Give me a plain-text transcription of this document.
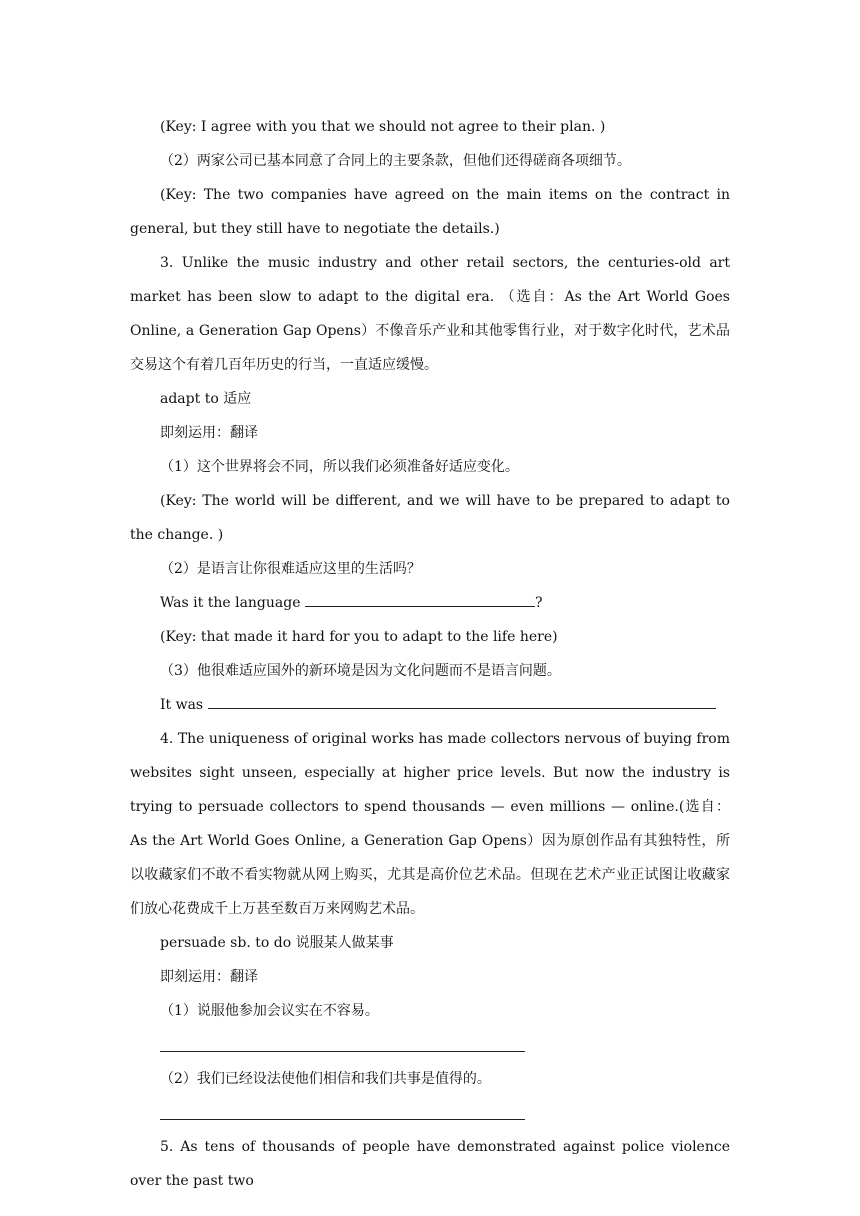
(Key: I agree with you that we should not agree to their plan. )

（2）两家公司已基本同意了合同上的主要条款，但他们还得磋商各项细节。

(Key: The two companies have agreed on the main items on the contract in general, but they still have to negotiate the details.)

3. Unlike the music industry and other retail sectors, the centuries-old art market has been slow to adapt to the digital era. （选自：As the Art World Goes Online, a Generation Gap Opens）不像音乐产业和其他零售行业，对于数字化时代，艺术品交易这个有着几百年历史的行当，一直适应缓慢。

adapt to 适应

即刻运用：翻译

（1）这个世界将会不同，所以我们必须准备好适应变化。

(Key: The world will be different, and we will have to be prepared to adapt to the change. )

（2）是语言让你很难适应这里的生活吗？

Was it the language	?

(Key: that made it hard for you to adapt to the life here)

（3）他很难适应国外的新环境是因为文化问题而不是语言问题。

It was

4. The uniqueness of original works has made collectors nervous of buying from websites sight unseen, especially at higher price levels. But now the industry is trying to persuade collectors to spend thousands — even millions — online.(选自：As the Art World Goes Online, a Generation Gap Opens）因为原创作品有其独特性，所以收藏家们不敢不看实物就从网上购买，尤其是高价位艺术品。但现在艺术产业正试图让收藏家们放心花费成千上万甚至数百万来网购艺术品。

persuade sb. to do 说服某人做某事

即刻运用：翻译

（1）说服他参加会议实在不容易。

（2）我们已经设法使他们相信和我们共事是值得的。

5. As tens of thousands of people have demonstrated against police violence over the past two
